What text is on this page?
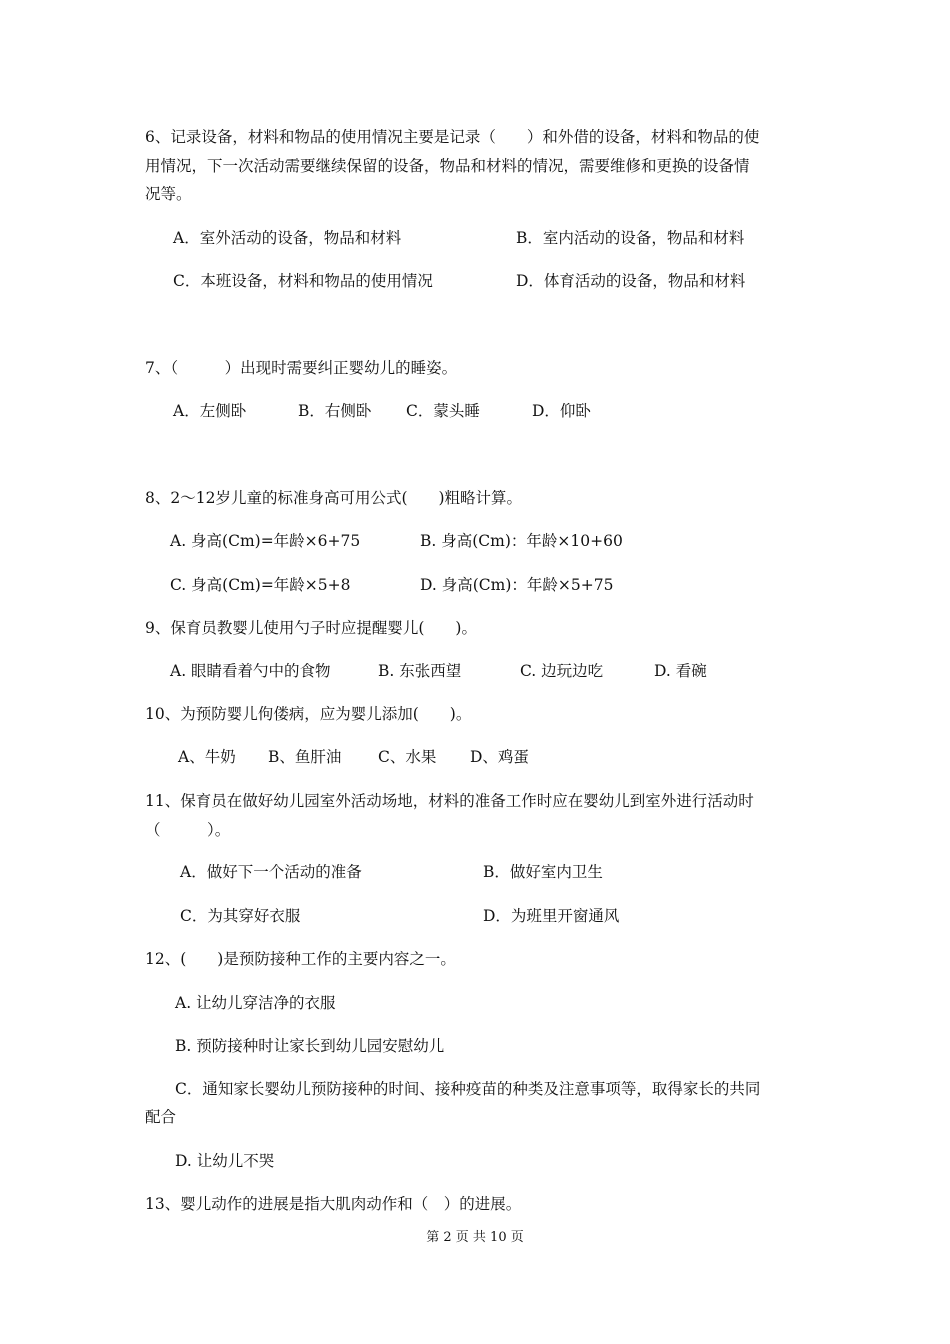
6、记录设备，材料和物品的使用情况主要是记录（　　）和外借的设备，材料和物品的使
用情况，下一次活动需要继续保留的设备，物品和材料的情况，需要维修和更换的设备情
况等。
A．室外活动的设备，物品和材料	B．室内活动的设备，物品和材料
C．本班设备，材料和物品的使用情况	D．体育活动的设备，物品和材料
7、（　　　）出现时需要纠正婴幼儿的睡姿。
A．左侧卧	B．右侧卧 C．蒙头睡	D．仰卧
8、2～12岁儿童的标准身高可用公式(　　)粗略计算。
A. 身高(Cm)=年龄×6+75	B. 身高(Cm)：年龄×10+60
C. 身高(Cm)=年龄×5+8	D. 身高(Cm)：年龄×5+75
9、保育员教婴儿使用勺子时应提醒婴儿(　　)。
A. 眼睛看着勺中的食物	B. 东张西望	C. 边玩边吃	D. 看碗
10、为预防婴儿佝偻病，应为婴儿添加(　　)。
A、牛奶 B、鱼肝油 C、水果 D、鸡蛋
11、保育员在做好幼儿园室外活动场地，材料的准备工作时应在婴幼儿到室外进行活动时
（　　　）。
A．做好下一个活动的准备	B．做好室内卫生
C．为其穿好衣服	D．为班里开窗通风
12、(　　)是预防接种工作的主要内容之一。
A. 让幼儿穿洁净的衣服
B. 预防接种时让家长到幼儿园安慰幼儿
C．通知家长婴幼儿预防接种的时间、接种疫苗的种类及注意事项等，取得家长的共同
配合
D. 让幼儿不哭
13、婴儿动作的进展是指大肌肉动作和（　）的进展。
第 2 页 共 10 页
